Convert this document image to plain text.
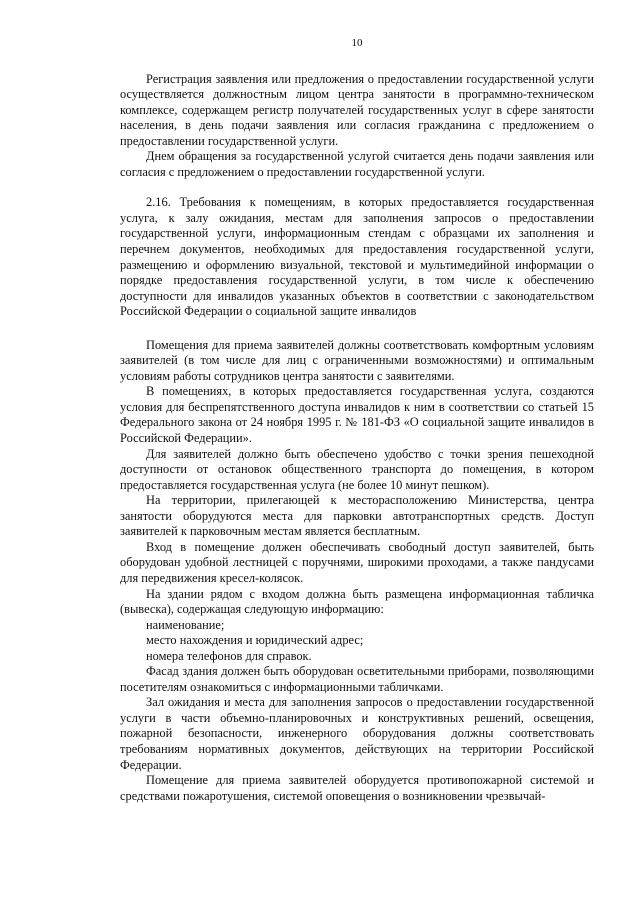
10

Регистрация заявления или предложения о предоставлении государственной услуги осуществляется должностным лицом центра занятости в программно-техническом комплексе, содержащем регистр получателей государственных услуг в сфере занятости населения, в день подачи заявления или согласия гражданина с предложением о предоставлении государственной услуги.

Днем обращения за государственной услугой считается день подачи заявления или согласия с предложением о предоставлении государственной услуги.

2.16. Требования к помещениям, в которых предоставляется государственная услуга, к залу ожидания, местам для заполнения запросов о предоставлении государственной услуги, информационным стендам с образцами их заполнения и перечнем документов, необходимых для предоставления государственной услуги, размещению и оформлению визуальной, текстовой и мультимедийной информации о порядке предоставления государственной услуги, в том числе к обеспечению доступности для инвалидов указанных объектов в соответствии с законодательством Российской Федерации о социальной защите инвалидов

Помещения для приема заявителей должны соответствовать комфортным условиям заявителей (в том числе для лиц с ограниченными возможностями) и оптимальным условиям работы сотрудников центра занятости с заявителями.

В помещениях, в которых предоставляется государственная услуга, создаются условия для беспрепятственного доступа инвалидов к ним в соответствии со статьей 15 Федерального закона от 24 ноября 1995 г. № 181-ФЗ «О социальной защите инвалидов в Российской Федерации».

Для заявителей должно быть обеспечено удобство с точки зрения пешеходной доступности от остановок общественного транспорта до помещения, в котором предоставляется государственная услуга (не более 10 минут пешком).

На территории, прилегающей к месторасположению Министерства, центра занятости оборудуются места для парковки автотранспортных средств. Доступ заявителей к парковочным местам является бесплатным.

Вход в помещение должен обеспечивать свободный доступ заявителей, быть оборудован удобной лестницей с поручнями, широкими проходами, а также пандусами для передвижения кресел-колясок.

На здании рядом с входом должна быть размещена информационная табличка (вывеска), содержащая следующую информацию:

наименование;

место нахождения и юридический адрес;

номера телефонов для справок.

Фасад здания должен быть оборудован осветительными приборами, позволяющими посетителям ознакомиться с информационными табличками.

Зал ожидания и места для заполнения запросов о предоставлении государственной услуги в части объемно-планировочных и конструктивных решений, освещения, пожарной безопасности, инженерного оборудования должны соответствовать требованиям нормативных документов, действующих на территории Российской Федерации.

Помещение для приема заявителей оборудуется противопожарной системой и средствами пожаротушения, системой оповещения о возникновении чрезвычай-
